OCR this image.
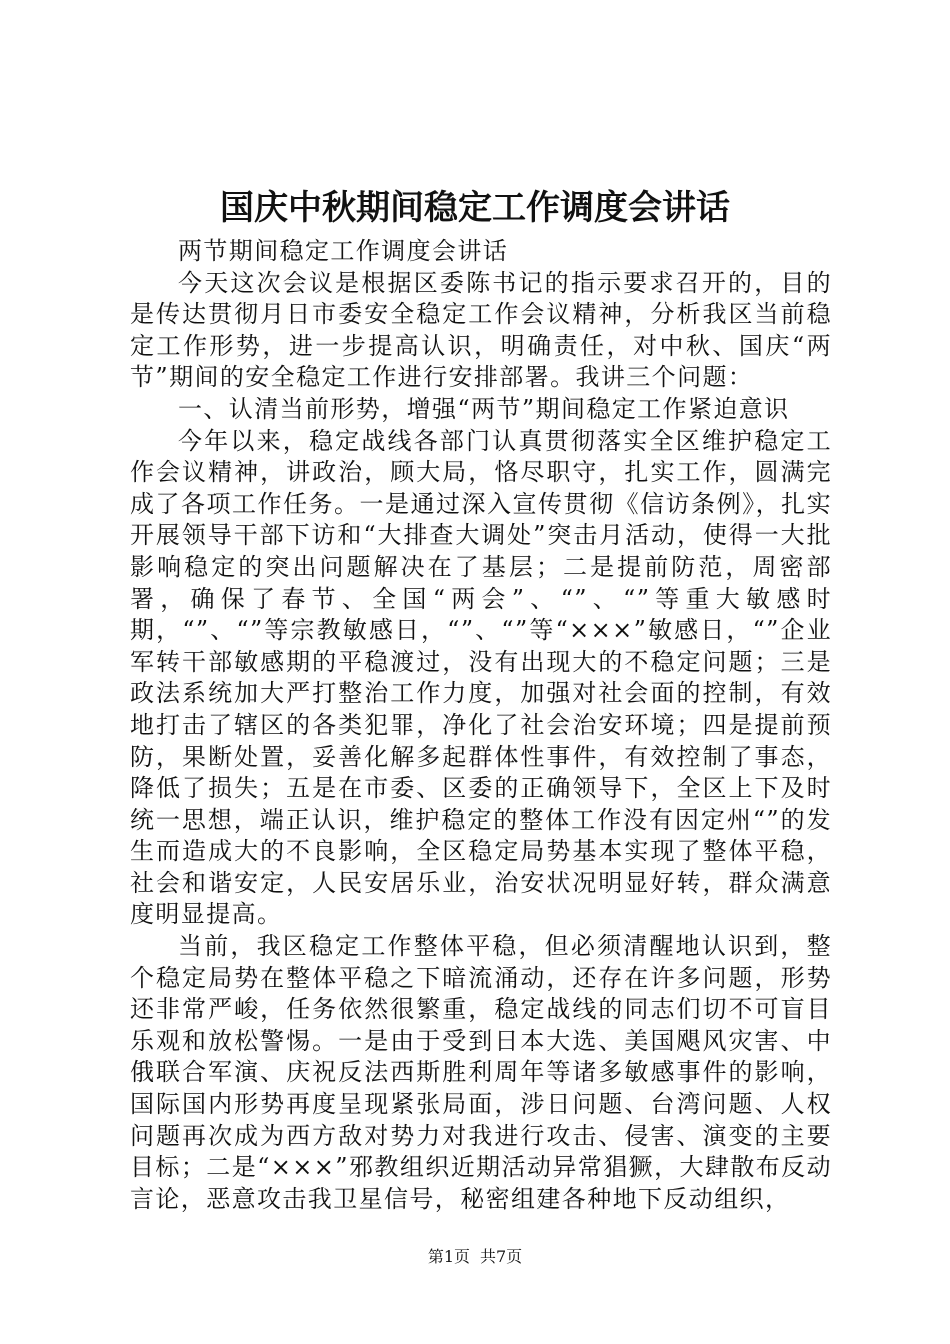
国庆中秋期间稳定工作调度会讲话

两节期间稳定工作调度会讲话

今天这次会议是根据区委陈书记的指示要求召开的，目的是传达贯彻月日市委安全稳定工作会议精神，分析我区当前稳定工作形势，进一步提高认识，明确责任，对中秋、国庆“两节”期间的安全稳定工作进行安排部署。我讲三个问题：

一、认清当前形势，增强“两节”期间稳定工作紧迫意识

今年以来，稳定战线各部门认真贯彻落实全区维护稳定工作会议精神，讲政治，顾大局，恪尽职守，扎实工作，圆满完成了各项工作任务。一是通过深入宣传贯彻《信访条例》，扎实开展领导干部下访和“大排查大调处”突击月活动，使得一大批影响稳定的突出问题解决在了基层；二是提前防范，周密部署，确保了春节、全国“两会”、“”、“”等重大敏感时期，“”、“”等宗教敏感日，“”、“”等“×××”敏感日，“”企业军转干部敏感期的平稳渡过，没有出现大的不稳定问题；三是政法系统加大严打整治工作力度，加强对社会面的控制，有效地打击了辖区的各类犯罪，净化了社会治安环境；四是提前预防，果断处置，妥善化解多起群体性事件，有效控制了事态，降低了损失；五是在市委、区委的正确领导下，全区上下及时统一思想，端正认识，维护稳定的整体工作没有因定州“”的发生而造成大的不良影响，全区稳定局势基本实现了整体平稳，社会和谐安定，人民安居乐业，治安状况明显好转，群众满意度明显提高。

当前，我区稳定工作整体平稳，但必须清醒地认识到，整个稳定局势在整体平稳之下暗流涌动，还存在许多问题，形势还非常严峻，任务依然很繁重，稳定战线的同志们切不可盲目乐观和放松警惕。一是由于受到日本大选、美国飓风灾害、中俄联合军演、庆祝反法西斯胜利周年等诸多敏感事件的影响，国际国内形势再度呈现紧张局面，涉日问题、台湾问题、人权问题再次成为西方敌对势力对我进行攻击、侵害、演变的主要目标；二是“×××”邪教组织近期活动异常猖獗，大肆散布反动言论，恶意攻击我卫星信号，秘密组建各种地下反动组织，

第1页 共7页
